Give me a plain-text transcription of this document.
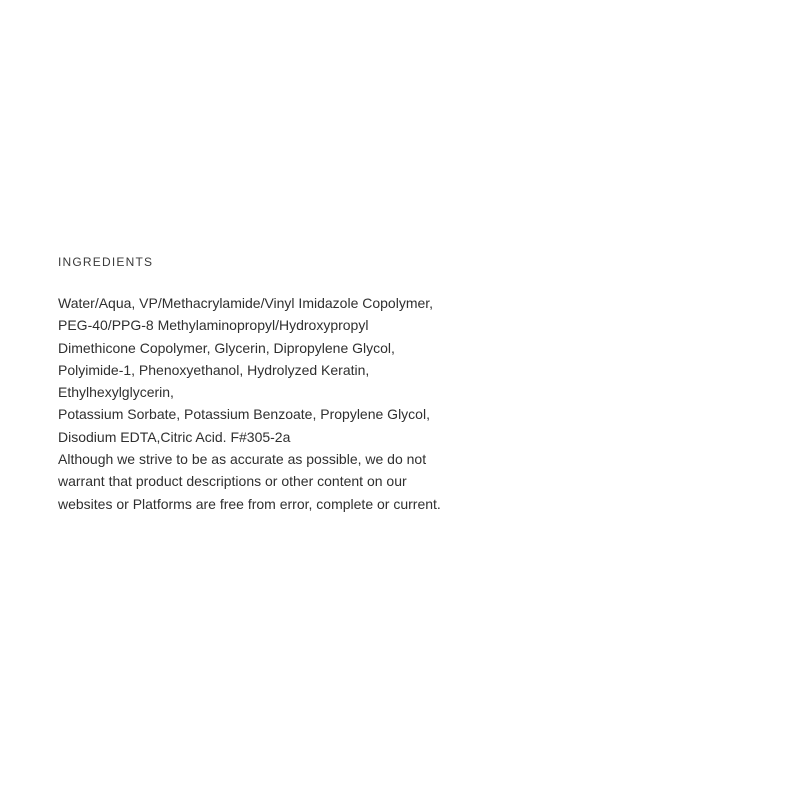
INGREDIENTS
Water/Aqua, VP/Methacrylamide/Vinyl Imidazole Copolymer,
PEG-40/PPG-8 Methylaminopropyl/Hydroxypropyl
Dimethicone Copolymer, Glycerin, Dipropylene Glycol,
Polyimide-1, Phenoxyethanol, Hydrolyzed Keratin,
Ethylhexylglycerin,
Potassium Sorbate, Potassium Benzoate, Propylene Glycol,
Disodium EDTA,Citric Acid. F#305-2a
Although we strive to be as accurate as possible, we do not
warrant that product descriptions or other content on our
websites or Platforms are free from error, complete or current.
